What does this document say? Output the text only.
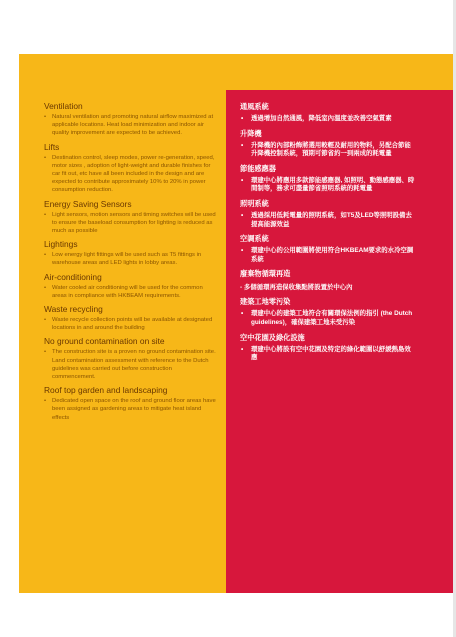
Ventilation
• Natural ventilation and promoting natural airflow maximized at applicable locations. Heat load minimization and indoor air quality improvement are expected to be achieved.
Lifts
• Destination control, sleep modes, power re-generation, speed, motor sizes , adoption of light-weight and durable finishes for car fit out, etc have all been included in the design and are expected to contribute approximately 10% to 20% in power consumption reduction.
Energy Saving Sensors
• Light sensors, motion sensors and timing switches will be used to ensure the baseload consumption for lighting is reduced as much as possible
Lightings
• Low energy light fittings will be used such as T5 fittings in warehouse areas and LED lights in lobby areas.
Air-conditioning
• Water cooled air conditioning will be used for the common areas in compliance with HKBEAM requirements.
Waste recycling
• Waste recycle collection points will be available at designated locations in and around the building
No ground contamination on site
• The construction site is a proven no ground contamination site. Land contamination assessment with reference to the Dutch guidelines was carried out before construction commencement.
Roof top garden and landscaping
• Dedicated open space on the roof and ground floor areas have been assigned as gardening areas to mitigate heat island effects
通風系統
• 透過增加自然通風，降低室內溫度並改善空氣質素
升降機
• 升降機的內部粉飾將選用較輕及耐用的物料，另配合節能升降機控制系統，預期可節省約一到兩成的耗電量
節能感應器
• 環建中心將應用多款節能感應器, 如照明、動態感應器、時間制等，務求可盡量節省照明系統的耗電量
照明系統
• 透過採用低耗電量的照明系統，如T5及LED等照明設備去提高能源效益
空調系統
• 環建中心的公用範圍將使用符合HKBEAM要求的水冷空調系統
廢棄物循環再造
- 多個循環再造保收集點將設置於中心內
建築工地零污染
• 環建中心的建築工地符合有關環保法例的指引 (the Dutch guidelines)，確保建築工地未受污染
空中花園及綠化設施
• 環建中心將設有空中花園及特定的綠化範圍以舒緩熱島效應
